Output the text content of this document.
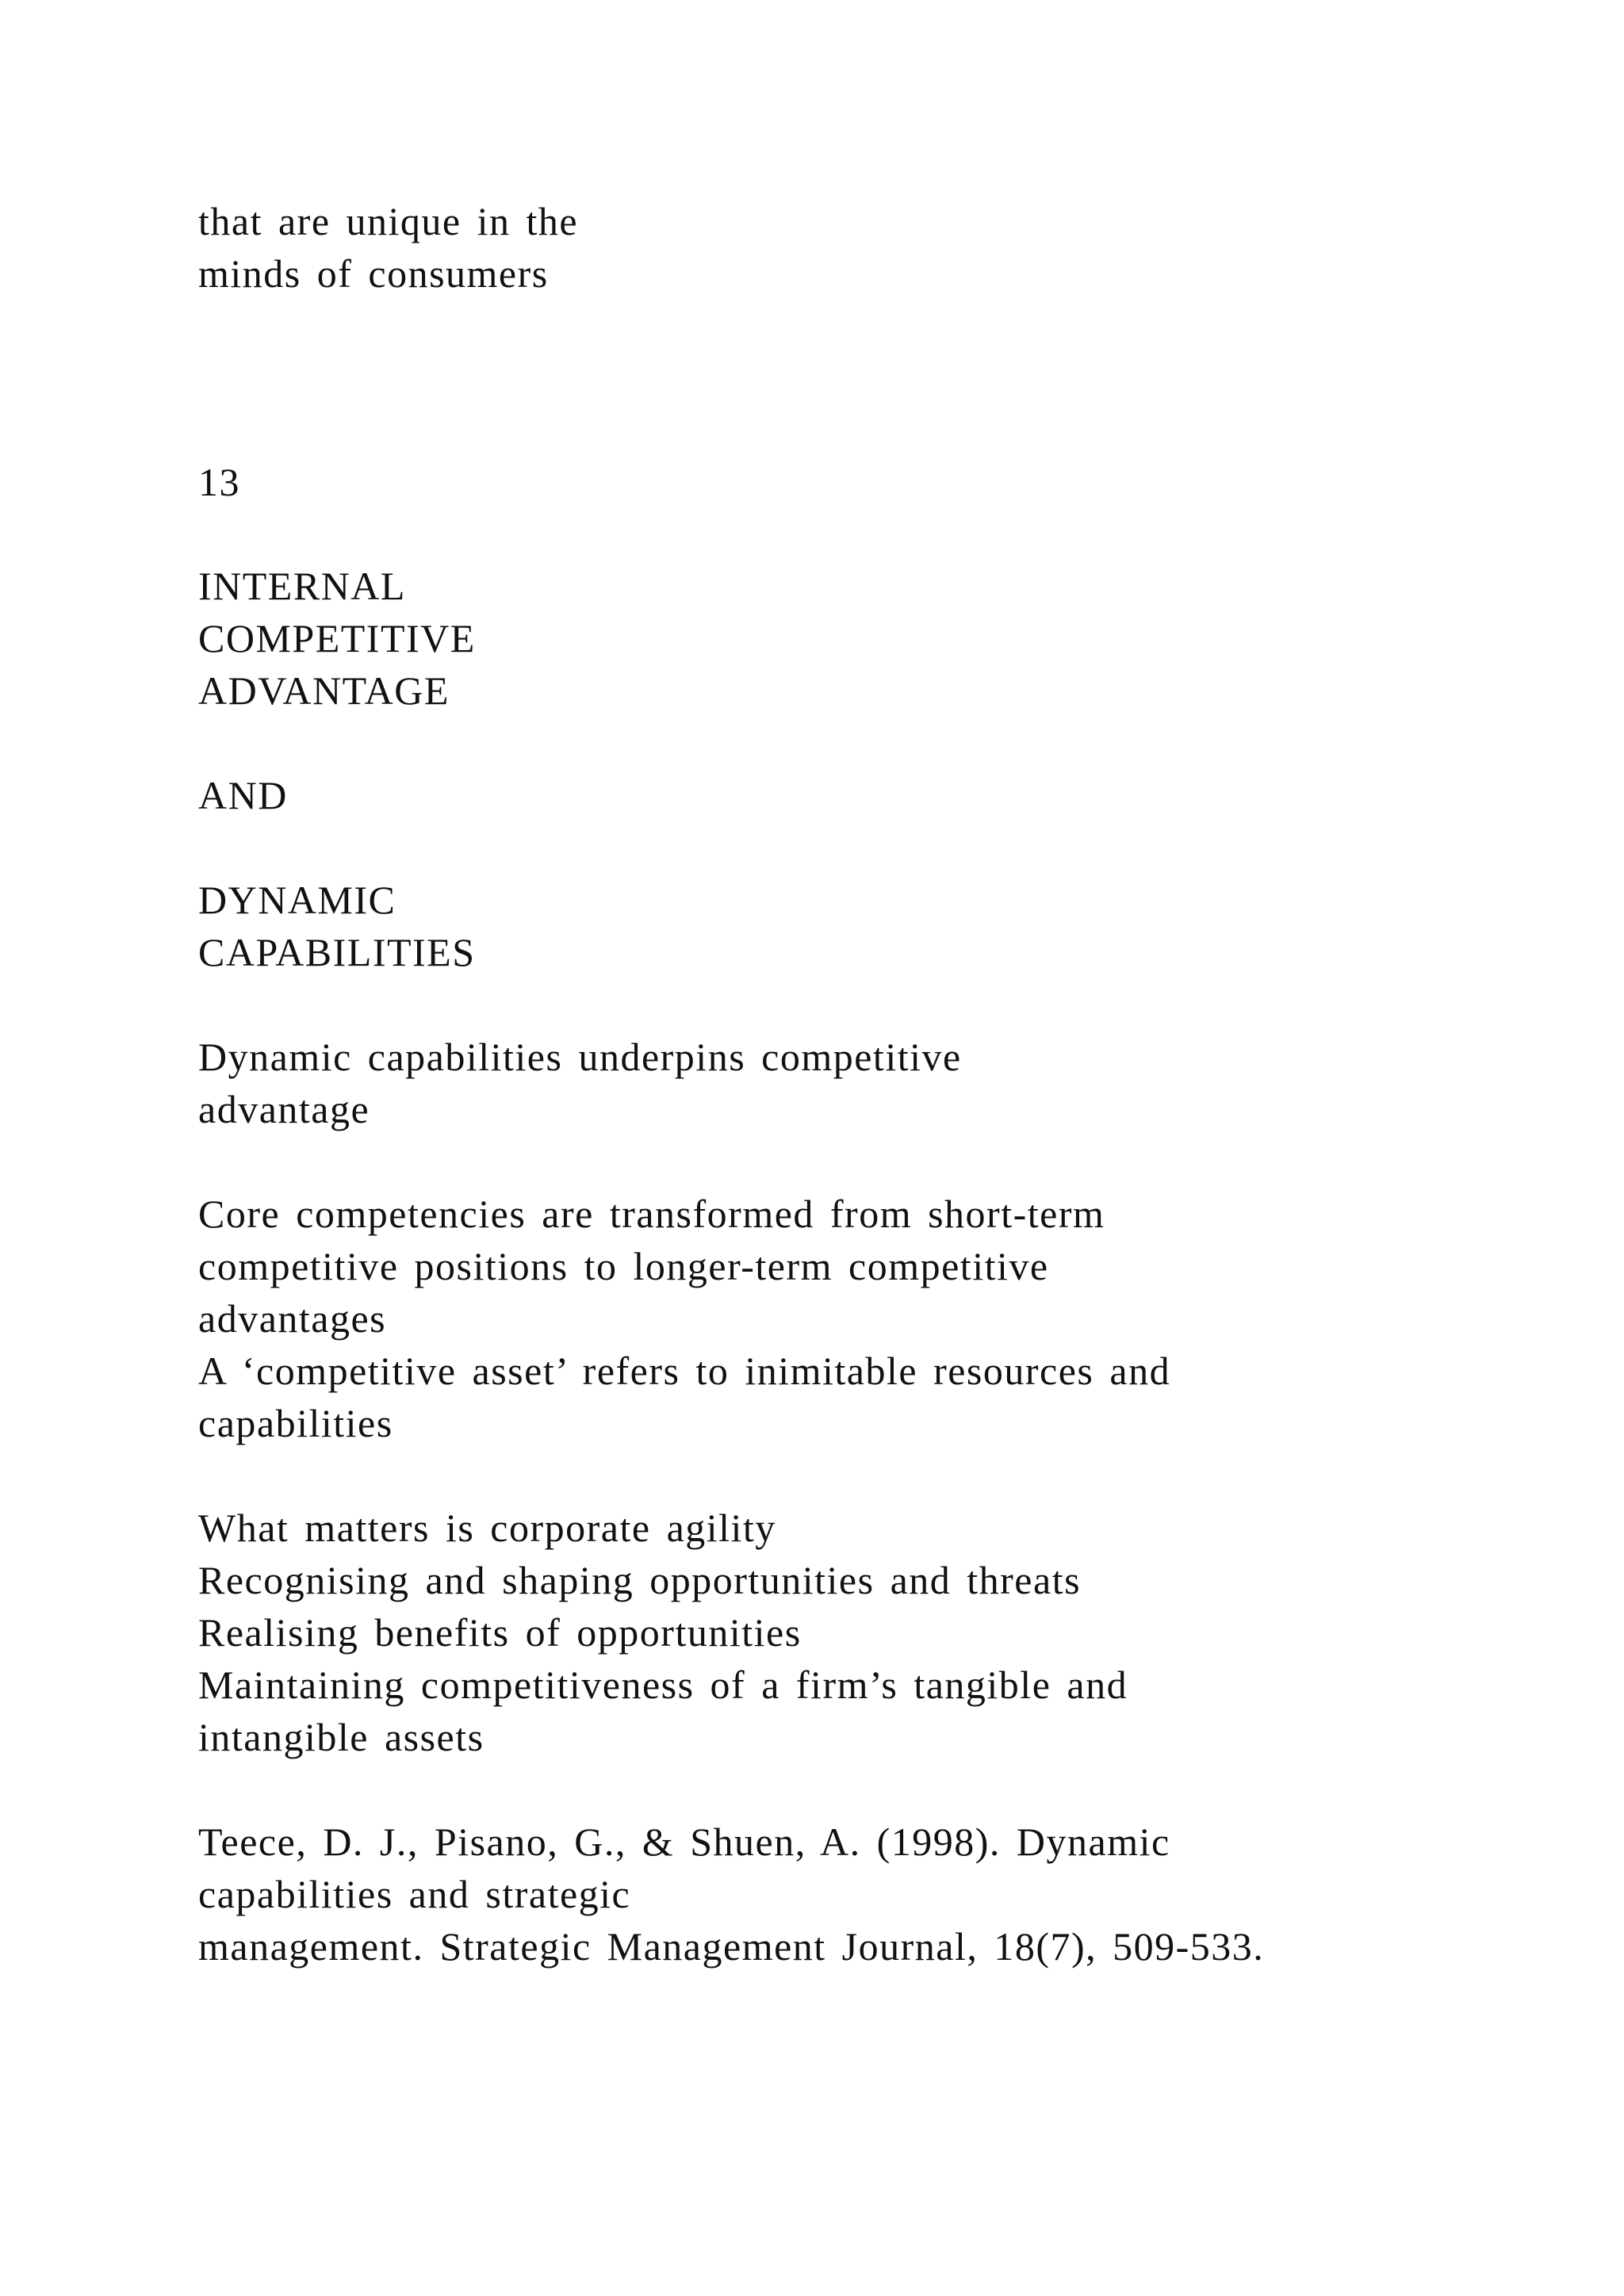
that are unique in the
minds of consumers
13
INTERNAL
COMPETITIVE
ADVANTAGE
AND
DYNAMIC
CAPABILITIES
Dynamic capabilities underpins competitive
advantage
Core competencies are transformed from short-term
competitive positions to longer-term competitive
advantages
A ‘competitive asset’ refers to inimitable resources and
capabilities
What matters is corporate agility
Recognising and shaping opportunities and threats
Realising benefits of opportunities
Maintaining competitiveness of a firm’s tangible and
intangible assets
Teece, D. J., Pisano, G., & Shuen, A. (1998). Dynamic
capabilities and strategic
management. Strategic Management Journal, 18(7), 509-533.
